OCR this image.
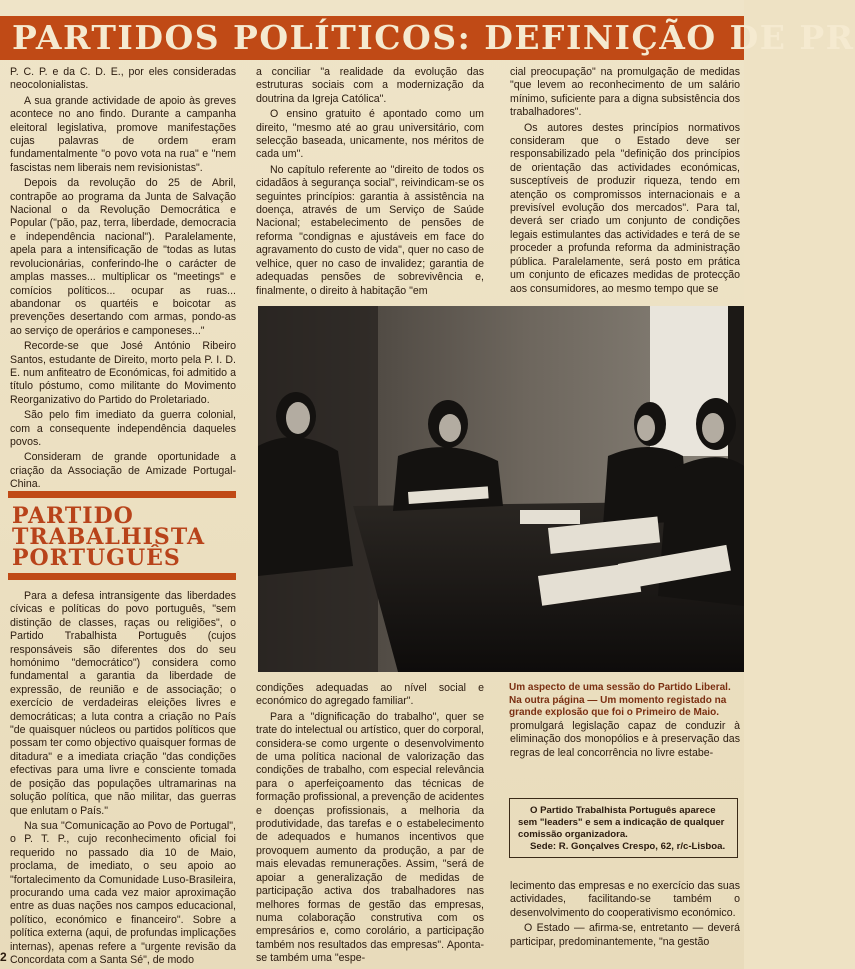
PARTIDOS POLÍTICOS: DEFINIÇÃO DE PR

P. C. P. e da C. D. E., por eles consideradas neocolonialistas.

A sua grande actividade de apoio às greves acontece no ano findo. Durante a campanha eleitoral legislativa, promove manifestações cujas palavras de ordem eram fundamentalmente "o povo vota na rua" e "nem fascistas nem liberais nem revisionistas".

Depois da revolução do 25 de Abril, contrapõe ao programa da Junta de Salvação Nacional o da Revolução Democrática e Popular ("pão, paz, terra, liberdade, democracia e independência nacional"). Paralelamente, apela para a intensificação de "todas as lutas revolucionárias, conferindo-lhe o carácter de amplas masses... multiplicar os "meetings" e comícios políticos... ocupar as ruas... abandonar os quartéis e boicotar as prevenções desertando com armas, pondo-as ao serviço de operários e camponeses..."

Recorde-se que José António Ribeiro Santos, estudante de Direito, morto pela P. I. D. E. num anfiteatro de Económicas, foi admitido a título póstumo, como militante do Movimento Reorganizativo do Partido do Proletariado.

São pelo fim imediato da guerra colonial, com a consequente independência daqueles povos.

Consideram de grande oportunidade a criação da Associação de Amizade Portugal-China.

PARTIDO TRABALHISTA PORTUGUÊS

Para a defesa intransigente das liberdades cívicas e políticas do povo português, "sem distinção de classes, raças ou religiões", o Partido Trabalhista Português (cujos responsáveis são diferentes dos do seu homónimo "democrático") considera como fundamental a garantia da liberdade de expressão, de reunião e de associação; o exercício de verdadeiras eleições livres e democráticas; a luta contra a criação no País "de quaisquer núcleos ou partidos políticos que possam ter como objectivo quaisquer formas de ditadura" e a imediata criação "das condições efectivas para uma livre e consciente tomada de posição das populações ultramarinas na solução política, que não militar, das guerras que enlutam o País."

Na sua "Comunicação ao Povo de Portugal", o P. T. P., cujo reconhecimento oficial foi requerido no passado dia 10 de Maio, proclama, de imediato, o seu apoio ao "fortalecimento da Comunidade Luso-Brasileira, procurando uma cada vez maior aproximação entre as duas nações nos campos educacional, político, económico e financeiro". Sobre a política externa (aqui, de profundas implicações internas), apenas refere a "urgente revisão da Concordata com a Santa Sé", de modo

a conciliar "a realidade da evolução das estruturas sociais com a modernização da doutrina da Igreja Católica".

O ensino gratuito é apontado como um direito, "mesmo até ao grau universitário, com selecção baseada, unicamente, nos méritos de cada um".

No capítulo referente ao "direito de todos os cidadãos à segurança social", reivindicam-se os seguintes princípios: garantia à assistência na doença, através de um Serviço de Saúde Nacional; estabelecimento de pensões de reforma "condignas e ajustáveis em face do agravamento do custo de vida", quer no caso de velhice, quer no caso de invalidez; garantia de adequadas pensões de sobrevivência e, finalmente, o direito à habitação "em

condições adequadas ao nível social e económico do agregado familiar".

Para a "dignificação do trabalho", quer se trate do intelectual ou artístico, quer do corporal, considera-se como urgente o desenvolvimento de uma política nacional de valorização das condições de trabalho, com especial relevância para o aperfeiçoamento das técnicas de formação profissional, a prevenção de acidentes e doenças profissionais, a melhoria da produtividade, das tarefas e o estabelecimento de adequados e humanos incentivos que provoquem aumento da produção, a par de mais elevadas remunerações. Assim, "será de apoiar a generalização de medidas de participação activa dos trabalhadores nas melhores formas de gestão das empresas, numa colaboração construtiva com os empresários e, como corolário, a participação também nos resultados das empresas". Aponta-se também uma "espe-

cial preocupação" na promulgação de medidas "que levem ao reconhecimento de um salário mínimo, suficiente para a digna subsistência dos trabalhadores".

Os autores destes princípios normativos consideram que o Estado deve ser responsabilizado pela "definição dos princípios de orientação das actividades económicas, susceptíveis de produzir riqueza, tendo em atenção os compromissos internacionais e a previsível evolução dos mercados". Para tal, deverá ser criado um conjunto de condições legais estimulantes das actividades e terá de se proceder a profunda reforma da administração pública. Paralelamente, será posto em prática um conjunto de eficazes medidas de protecção aos consumidores, ao mesmo tempo que se

Um aspecto de uma sessão do Partido Liberal. Na outra página — Um momento registado na grande explosão que foi o Primeiro de Maio.

promulgará legislação capaz de conduzir à eliminação dos monopólios e à preservação das regras de leal concorrência no livre estabe-

O Partido Trabalhista Português aparece sem "leaders" e sem a indicação de qualquer comissão organizadora.

Sede: R. Gonçalves Crespo, 62, r/c-Lisboa.

lecimento das empresas e no exercício das suas actividades, facilitando-se também o desenvolvimento do cooperativismo económico.

O Estado — afirma-se, entretanto — deverá participar, predominantemente, "na gestão

2
